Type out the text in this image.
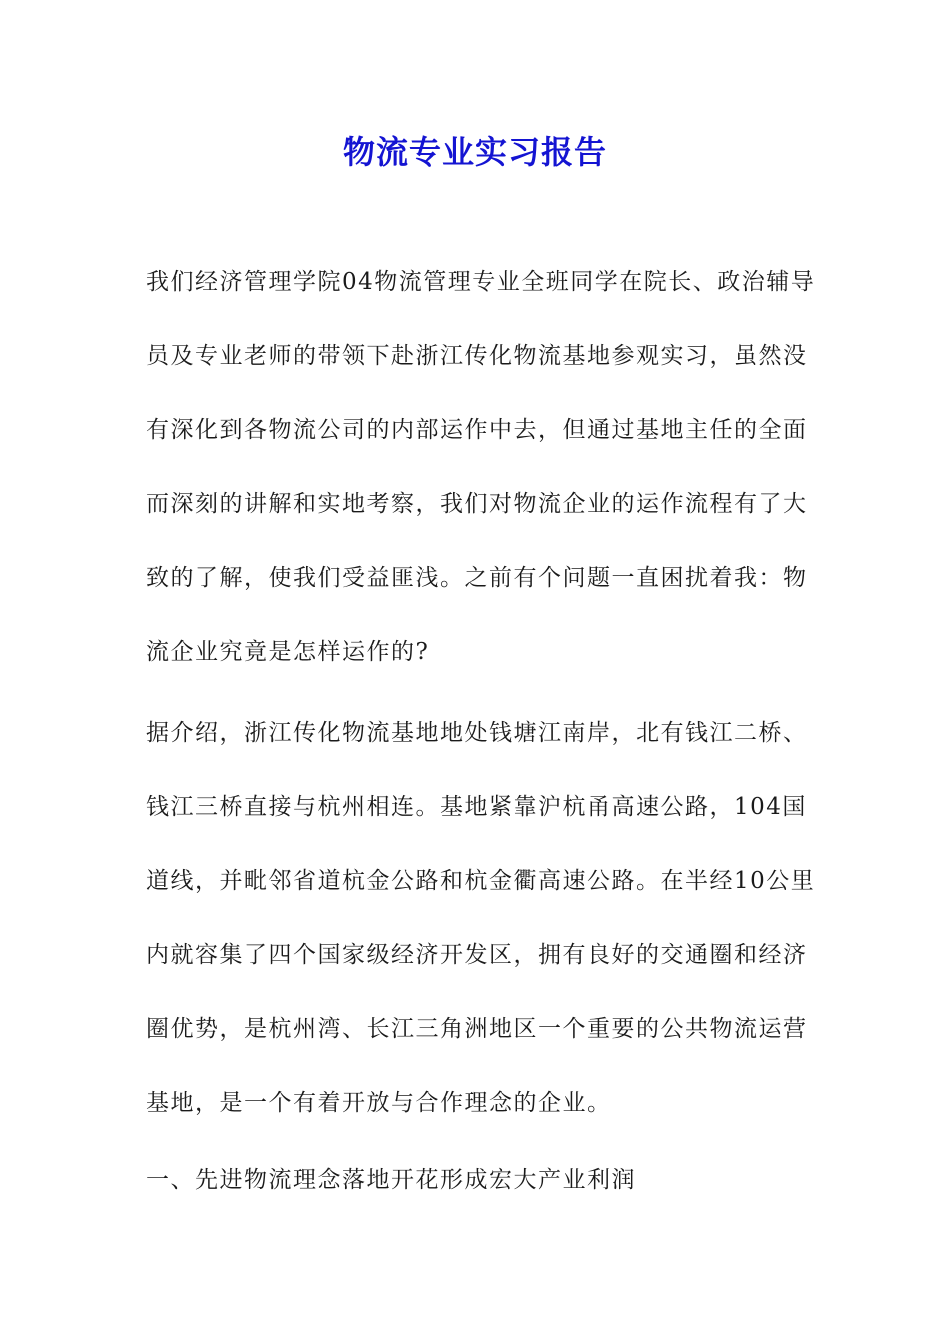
物流专业实习报告
我们经济管理学院04物流管理专业全班同学在院长、政治辅导
员及专业老师的带领下赴浙江传化物流基地参观实习，虽然没
有深化到各物流公司的内部运作中去，但通过基地主任的全面
而深刻的讲解和实地考察，我们对物流企业的运作流程有了大
致的了解，使我们受益匪浅。之前有个问题一直困扰着我：物
流企业究竟是怎样运作的?
据介绍，浙江传化物流基地地处钱塘江南岸，北有钱江二桥、
钱江三桥直接与杭州相连。基地紧靠沪杭甬高速公路，104国
道线，并毗邻省道杭金公路和杭金衢高速公路。在半经10公里
内就容集了四个国家级经济开发区，拥有良好的交通圈和经济
圈优势，是杭州湾、长江三角洲地区一个重要的公共物流运营
基地，是一个有着开放与合作理念的企业。
一、先进物流理念落地开花形成宏大产业利润
